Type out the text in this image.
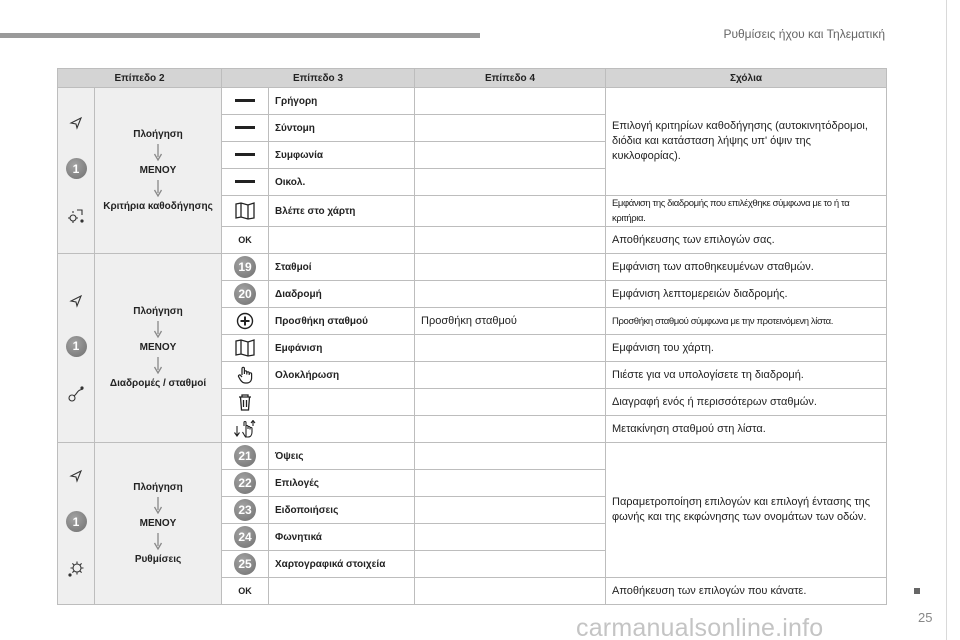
Ρυθμίσεις ήχου και Τηλεματική
Επίπεδο 2		Επίπεδο 3		Επίπεδο 4	Σχόλια

1	Πλοήγηση
MENOY
Κριτήρια καθοδήγησης		Γρήγορη		Επιλογή κριτηρίων καθοδήγησης (αυτοκινητόδρομοι, διόδια και κατάσταση λήψης υπ' όψιν της κυκλοφορίας).
	Σύντομη		
	Συμφωνία		
	Οικολ.		
	Βλέπε στο χάρτη		Εμφάνιση της διαδρομής που επιλέχθηκε σύμφωνα με το ή τα κριτήρια.
		OK			Αποθήκευσης των επιλογών σας.

1	Πλοήγηση
MENOY
Διαδρομές / σταθμοί	19	Σταθμοί		Εμφάνιση των αποθηκευμένων σταθμών.
		20	Διαδρομή		Εμφάνιση λεπτομερειών διαδρομής.
	Προσθήκη σταθμού	Προσθήκη σταθμού	Προσθήκη σταθμού σύμφωνα με την προτεινόμενη λίστα.
	Εμφάνιση		Εμφάνιση του χάρτη.
	Ολοκλήρωση		Πιέστε για να υπολογίσετε τη διαδρομή.
			Διαγραφή ενός ή περισσότερων σταθμών.
			Μετακίνηση σταθμού στη λίστα.

1	Πλοήγηση
MENOY
Ρυθμίσεις	21	Όψεις		Παραμετροποίηση επιλογών και επιλογή έντασης της φωνής και της εκφώνησης των ονομάτων των οδών.
		22	Επιλογές		
		23	Ειδοποιήσεις		
		24	Φωνητικά		
		25	Χαρτογραφικά στοιχεία		
		OK			Αποθήκευση των επιλογών που κάνατε.
25
carmanualsonline.info
